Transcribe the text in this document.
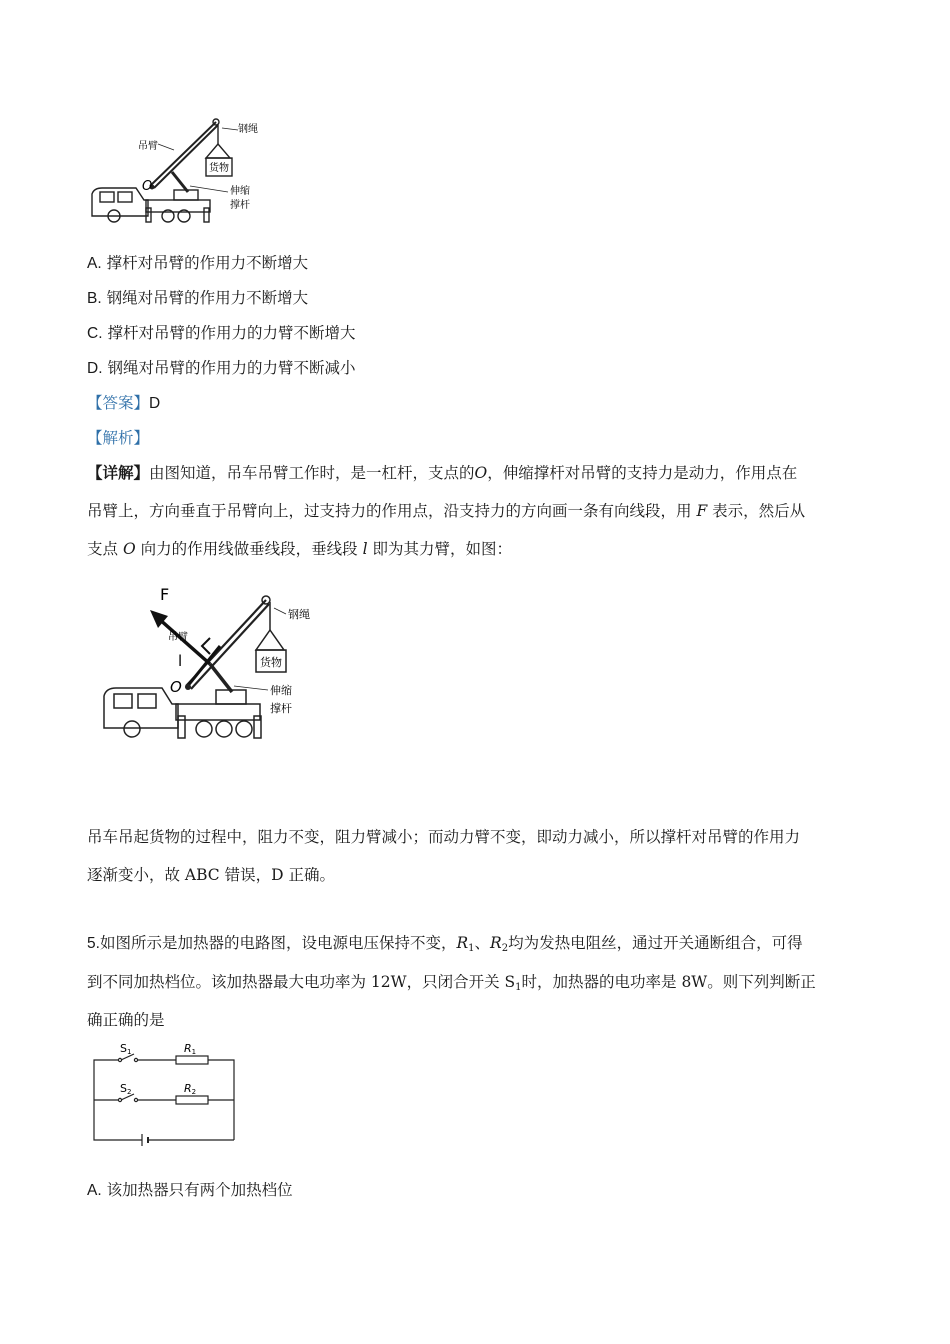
吊臂
钢绳
货物
O	伸缩
撑杆
A. 撑杆对吊臂的作用力不断增大
B. 钢绳对吊臂的作用力不断增大
C. 撑杆对吊臂的作用力的力臂不断增大
D. 钢绳对吊臂的作用力的力臂不断减小
【答案】D
【解析】
【详解】由图知道，吊车吊臂工作时，是一杠杆，支点的O，伸缩撑杆对吊臂的支持力是动力，作用点在
吊臂上，方向垂直于吊臂向上，过支持力的作用点，沿支持力的方向画一条有向线段，用 F 表示，然后从
支点 O 向力的作用线做垂线段，垂线段 l 即为其力臂，如图：
F
吊臂
l
钢绳
货物
O	伸缩
撑杆
吊车吊起货物的过程中，阻力不变，阻力臂减小；而动力臂不变，即动力减小，所以撑杆对吊臂的作用力
逐渐变小，故 ABC 错误，D 正确。
5.如图所示是加热器的电路图，设电源电压保持不变，$R_1$、$R_2$均为发热电阻丝，通过开关通断组合，可得
到不同加热档位。该加热器最大电功率为 12W，只闭合开关 $S_1$时，加热器的电功率是 8W。则下列判断正
确正确的是
S1	R1
S2	R2
A. 该加热器只有两个加热档位
